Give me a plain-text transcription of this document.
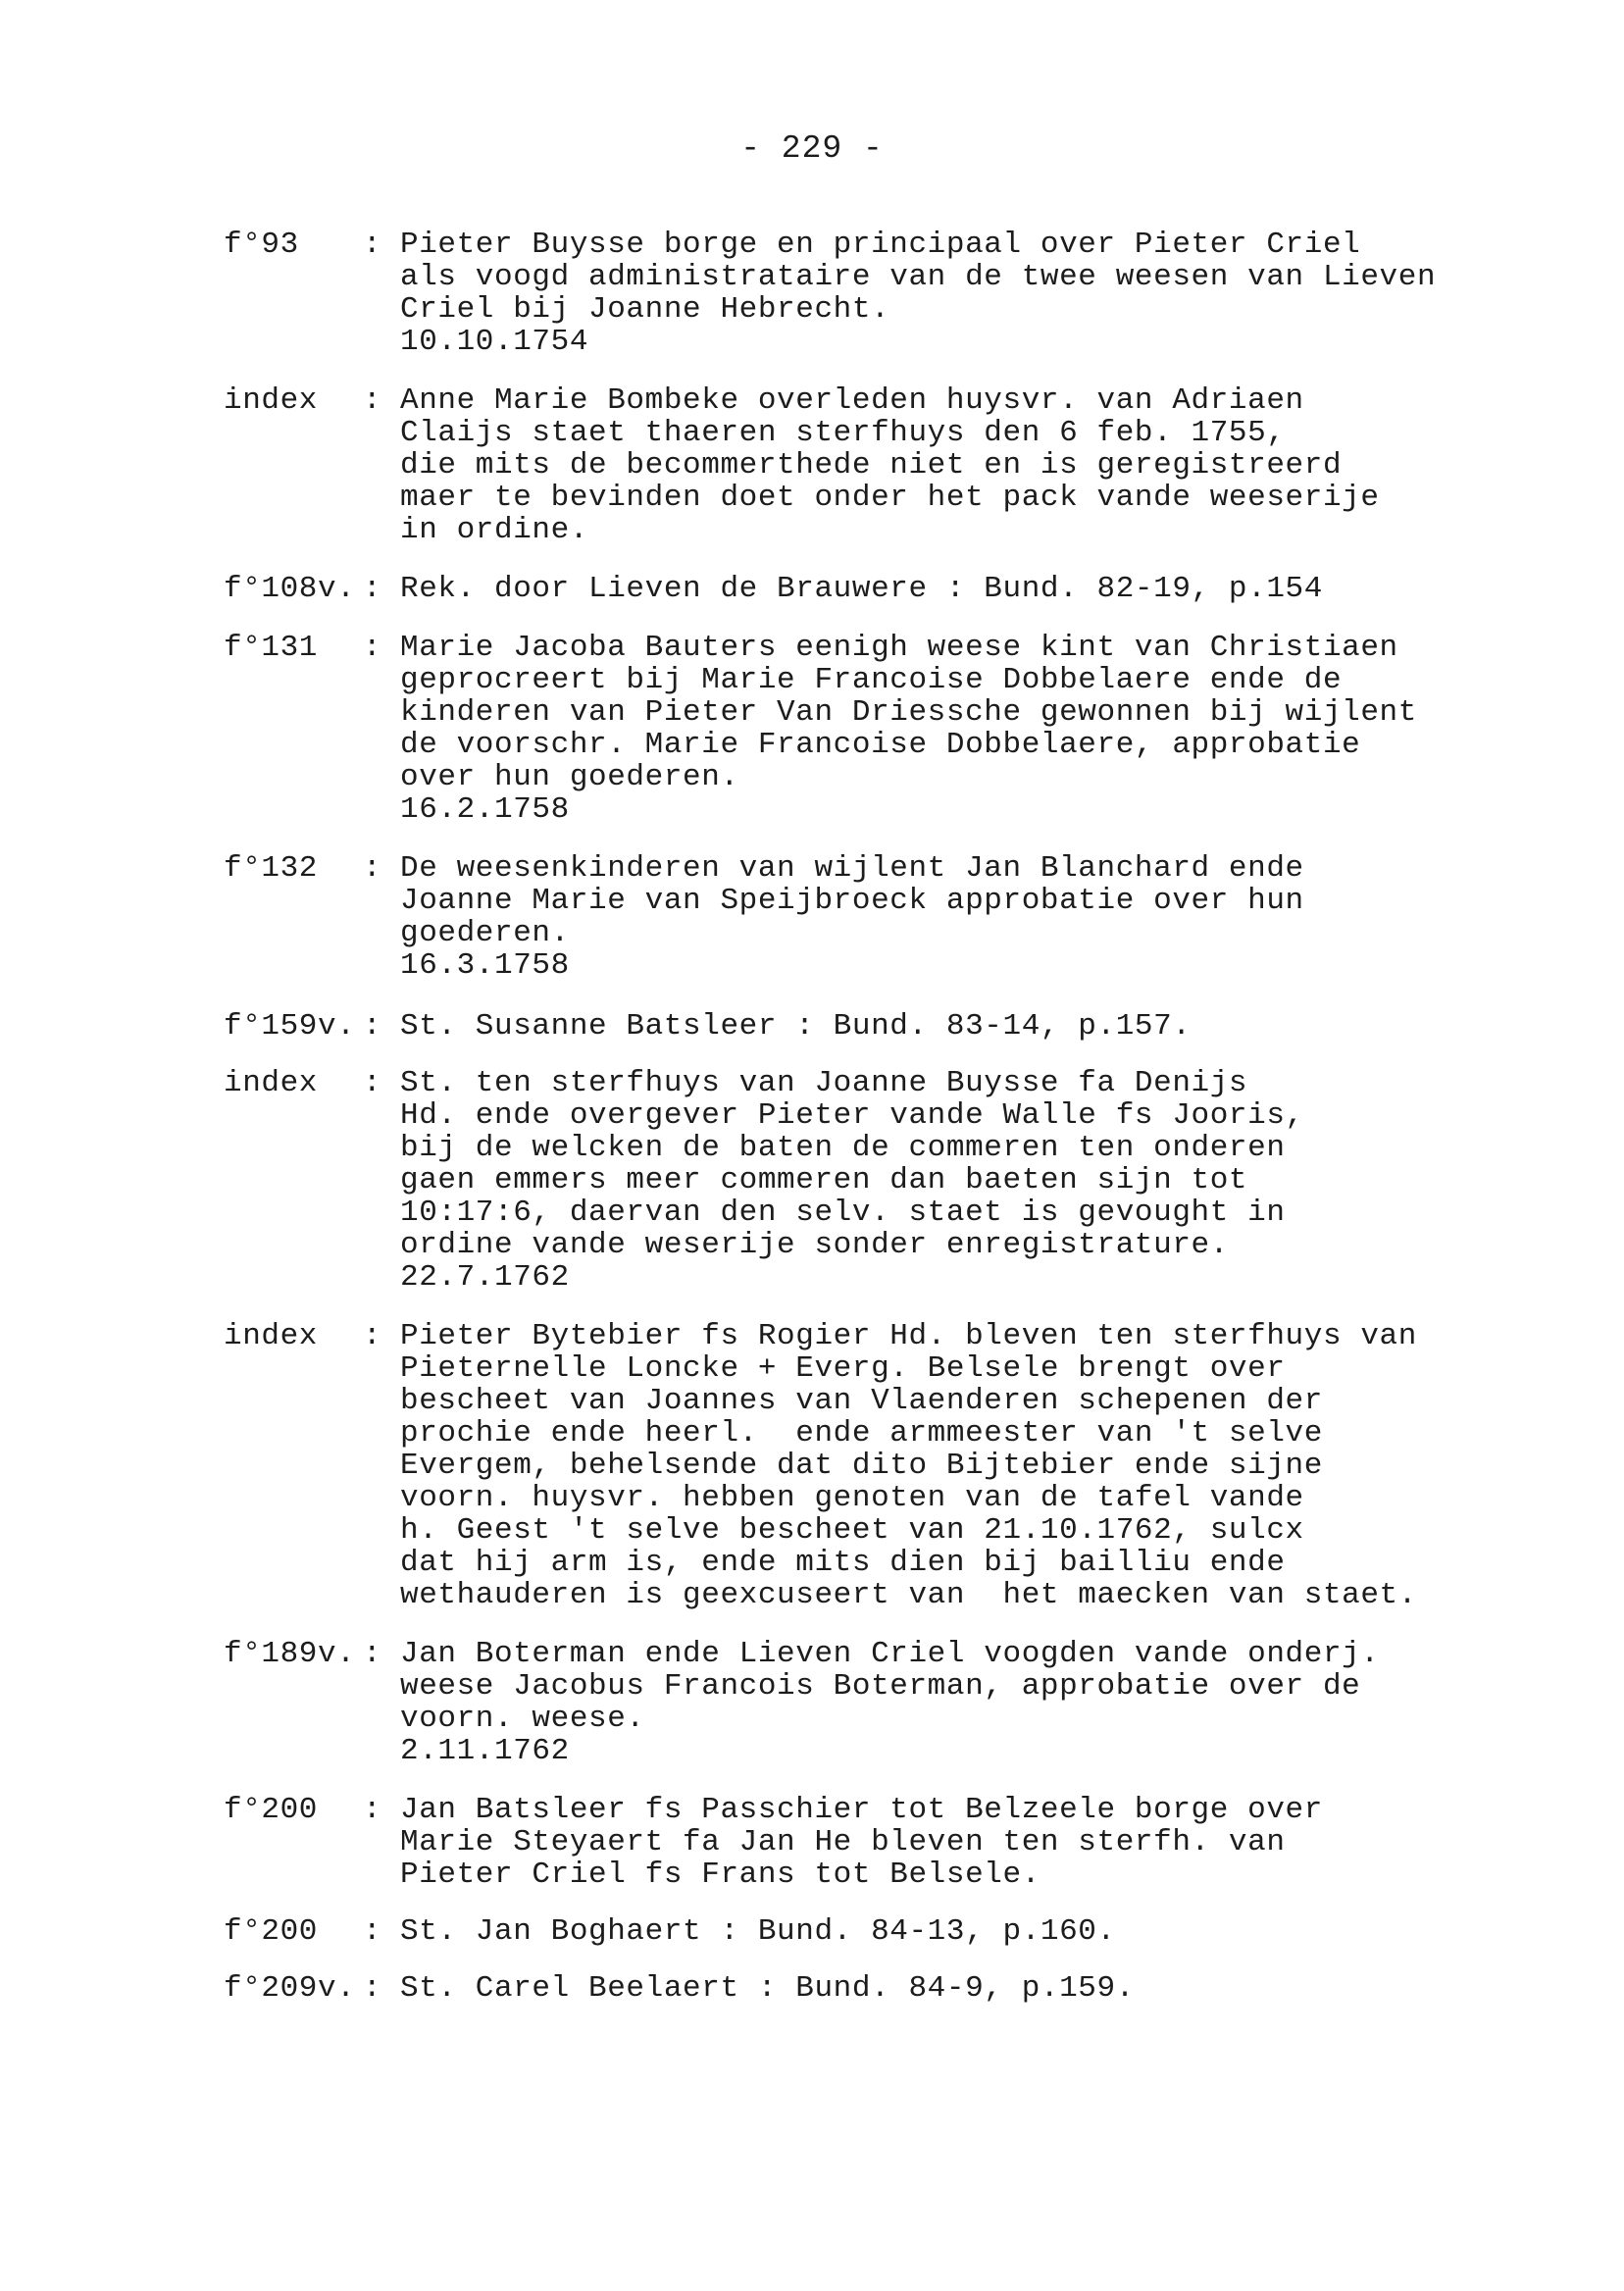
- 229 -
f°93	: Pieter Buysse borge en principaal over Pieter Criel
als voogd administrataire van de twee weesen van Lieven
Criel bij Joanne Hebrecht.
10.10.1754
index	: Anne Marie Bombeke overleden huysvr. van Adriaen
Claijs staet thaeren sterfhuys den 6 feb. 1755,
die mits de becommerthede niet en is geregistreerd
maer te bevinden doet onder het pack vande weeserije
in ordine.
f°108v. : Rek. door Lieven de Brauwere : Bund. 82-19, p.154
f°131	: Marie Jacoba Bauters eenigh weese kint van Christiaen
geprocreert bij Marie Francoise Dobbelaere ende de
kinderen van Pieter Van Driessche gewonnen bij wijlent
de voorschr. Marie Francoise Dobbelaere, approbatie
over hun goederen.
16.2.1758
f°132	: De weesenkinderen van wijlent Jan Blanchard ende
Joanne Marie van Speijbroeck approbatie over hun
goederen.
16.3.1758
f°159v. : St. Susanne Batsleer : Bund. 83-14, p.157.
index	: St. ten sterfhuys van Joanne Buysse fa Denijs
Hd. ende overgever Pieter vande Walle fs Jooris,
bij de welcken de baten de commeren ten onderen
gaen emmers meer commeren dan baeten sijn tot
10:17:6, daervan den selv. staet is gevought in
ordine vande weserije sonder enregistrature.
22.7.1762
index	: Pieter Bytebier fs Rogier Hd. bleven ten sterfhuys van
Pieternelle Loncke + Everg. Belsele brengt over
bescheet van Joannes van Vlaenderen schepenen der
prochie ende heerl.  ende armmeester van 't selve
Evergem, behelsende dat dito Bijtebier ende sijne
voorn. huysvr. hebben genoten van de tafel vande
h. Geest 't selve bescheet van 21.10.1762, sulcx
dat hij arm is, ende mits dien bij bailliu ende
wethauderen is geexcuseert van  het maecken van staet.
f°189v. : Jan Boterman ende Lieven Criel voogden vande onderj.
weese Jacobus Francois Boterman, approbatie over de
voorn. weese.
2.11.1762
f°200	: Jan Batsleer fs Passchier tot Belzeele borge over
Marie Steyaert fa Jan He bleven ten sterfh. van
Pieter Criel fs Frans tot Belsele.
f°200	: St. Jan Boghaert : Bund. 84-13, p.160.
f°209v. : St. Carel Beelaert : Bund. 84-9, p.159.
